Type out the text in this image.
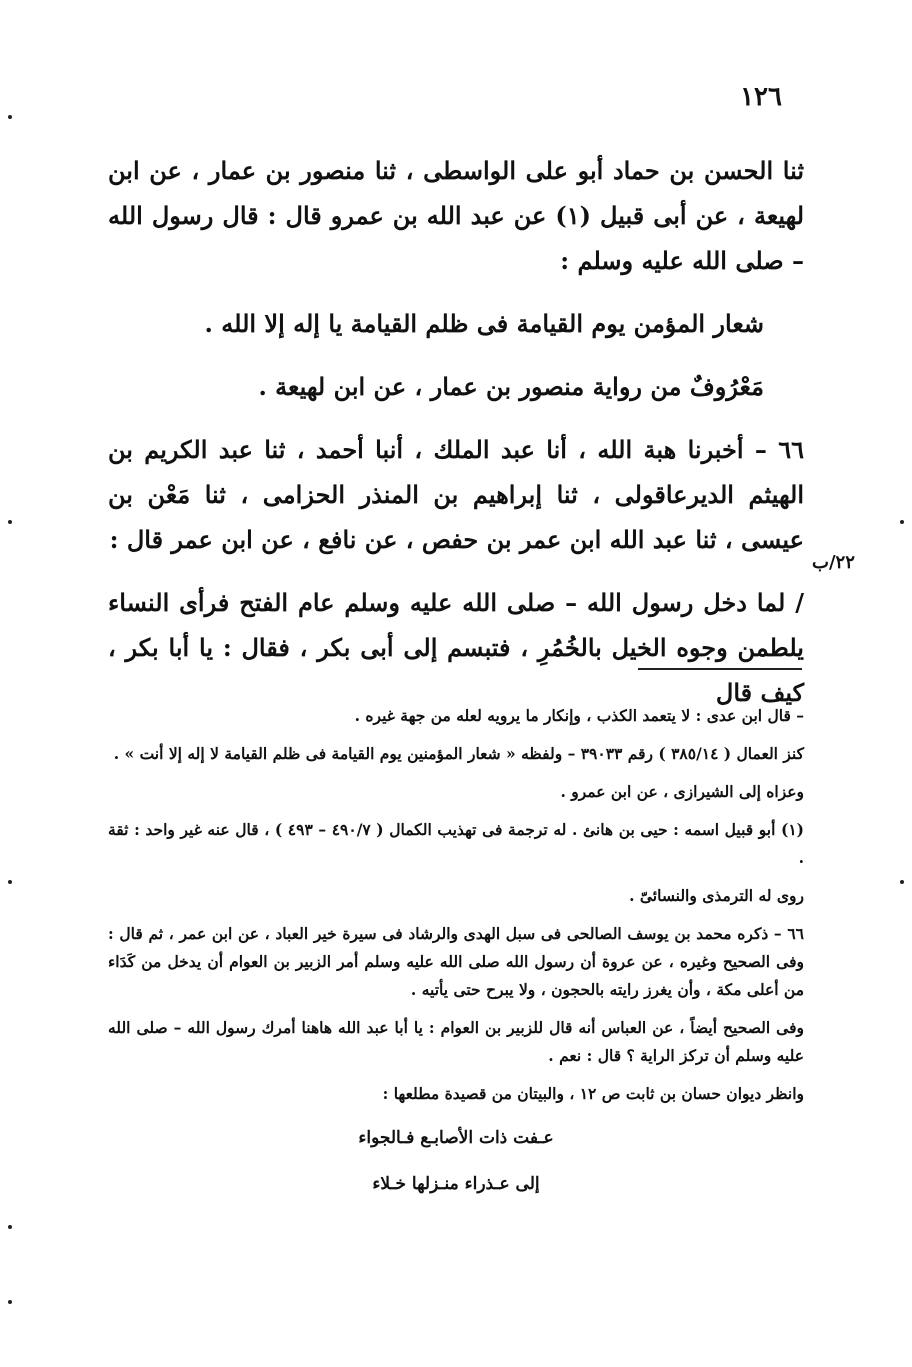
١٢٦

ثنا الحسن بن حماد أبو على الواسطى ، ثنا منصور بن عمار ، عن ابن لهيعة ، عن أبى قبيل (١) عن عبد الله بن عمرو قال : قال رسول الله – صلى الله عليه وسلم :

شعار المؤمن يوم القيامة فى ظلم القيامة يا إله إلا الله .

مَعْرُوفٌ من رواية منصور بن عمار ، عن ابن لهيعة .

٦٦ – أخبرنا هبة الله ، أنا عبد الملك ، أنبا أحمد ، ثنا عبد الكريم بن الهيثم الديرعاقولى ، ثنا إبراهيم بن المنذر الحزامى ، ثنا مَعْن بن عيسى ، ثنا عبد الله ابن عمر بن حفص ، عن نافع ، عن ابن عمر قال :

/ لما دخل رسول الله – صلى الله عليه وسلم عام الفتح فرأى النساء يلطمن وجوه الخيل بالخُمُرِ ، فتبسم إلى أبى بكر ، فقال : يا أبا بكر ، كيف قال

٢٢/ب

– قال ابن عدى : لا يتعمد الكذب ، وإنكار ما يرويه لعله من جهة غيره .

كنز العمال ( ٣٨٥/١٤ ) رقم ٣٩٠٣٣ – ولفظه « شعار المؤمنين يوم القيامة فى ظلم القيامة لا إله إلا أنت » .

وعزاه إلى الشيرازى ، عن ابن عمرو .

(١) أبو قبيل اسمه : حيى بن هانئ . له ترجمة فى تهذيب الكمال ( ٤٩٠/٧ – ٤٩٣ ) ، قال عنه غير واحد : ثقة .

روى له الترمذى والنسائىّ .

٦٦ – ذكره محمد بن يوسف الصالحى فى سبل الهدى والرشاد فى سيرة خير العباد ، عن ابن عمر ، ثم قال : وفى الصحيح وغيره ، عن عروة أن رسول الله صلى الله عليه وسلم أمر الزبير بن العوام أن يدخل من كَدَاء من أعلى مكة ، وأن يغرز رايته بالحجون ، ولا يبرح حتى يأتيه .

وفى الصحيح أيضاً ، عن العباس أنه قال للزبير بن العوام : يا أبا عبد الله هاهنا أمرك رسول الله – صلى الله عليه وسلم أن تركز الراية ؟ قال : نعم .

وانظر ديوان حسان بن ثابت ص ١٢ ، والبيتان من قصيدة مطلعها :

عـفت ذات الأصابـع فـالجواء

إلى عـذراء منـزلها خـلاء
